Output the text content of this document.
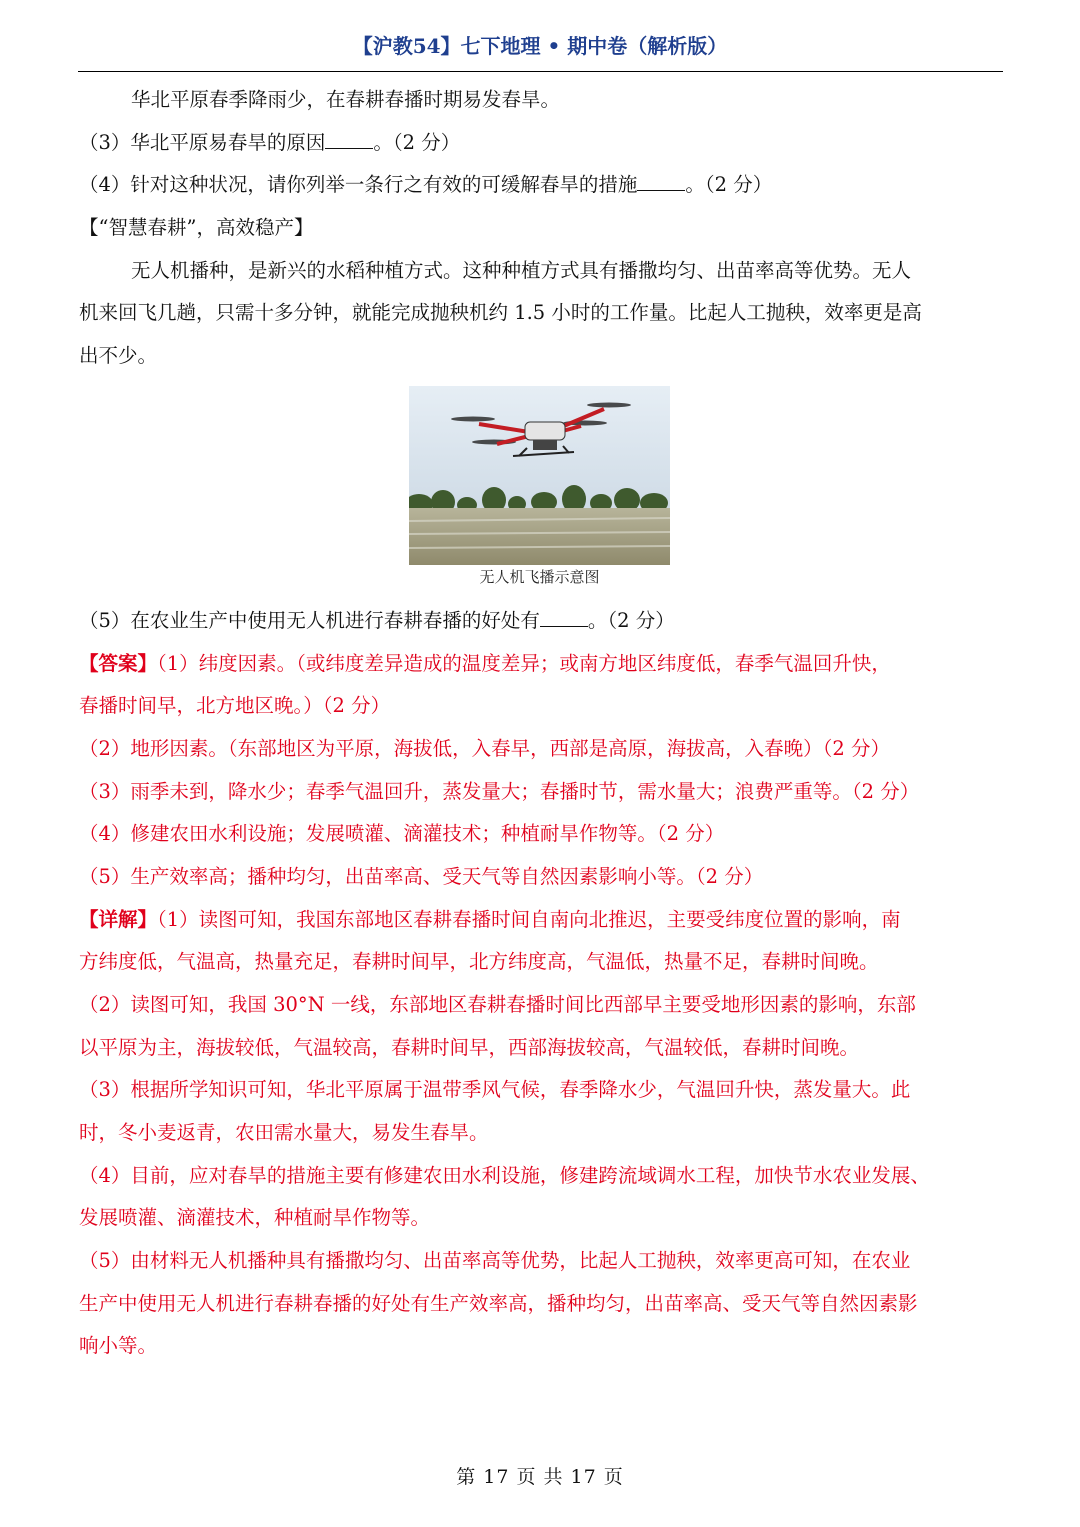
【沪教54】七下地理 • 期中卷（解析版）
华北平原春季降雨少，在春耕春播时期易发春旱。
（3）华北平原易春旱的原因 。（2 分）
（4）针对这种状况，请你列举一条行之有效的可缓解春旱的措施 。（2 分）
【“智慧春耕”，高效稳产】
无人机播种，是新兴的水稻种植方式。这种种植方式具有播撒均匀、出苗率高等优势。无人
机来回飞几趟，只需十多分钟，就能完成抛秧机约 1.5 小时的工作量。比起人工抛秧，效率更是高
出不少。
无人机飞播示意图
（5）在农业生产中使用无人机进行春耕春播的好处有 。（2 分）
【答案】（1）纬度因素。（或纬度差异造成的温度差异；或南方地区纬度低，春季气温回升快，
春播时间早，北方地区晚。）（2 分）
（2）地形因素。（东部地区为平原，海拔低，入春早，西部是高原，海拔高，入春晚）（2 分）
（3）雨季未到，降水少；春季气温回升，蒸发量大；春播时节，需水量大；浪费严重等。（2 分）
（4）修建农田水利设施；发展喷灌、滴灌技术；种植耐旱作物等。（2 分）
（5）生产效率高；播种均匀，出苗率高、受天气等自然因素影响小等。（2 分）
【详解】（1）读图可知，我国东部地区春耕春播时间自南向北推迟，主要受纬度位置的影响，南
方纬度低，气温高，热量充足，春耕时间早，北方纬度高，气温低，热量不足，春耕时间晚。
（2）读图可知，我国 30°N 一线，东部地区春耕春播时间比西部早主要受地形因素的影响，东部
以平原为主，海拔较低，气温较高，春耕时间早，西部海拔较高，气温较低，春耕时间晚。
（3）根据所学知识可知，华北平原属于温带季风气候，春季降水少，气温回升快，蒸发量大。此
时，冬小麦返青，农田需水量大，易发生春旱。
（4）目前，应对春旱的措施主要有修建农田水利设施，修建跨流域调水工程，加快节水农业发展、
发展喷灌、滴灌技术，种植耐旱作物等。
（5）由材料无人机播种具有播撒均匀、出苗率高等优势，比起人工抛秧，效率更高可知，在农业
生产中使用无人机进行春耕春播的好处有生产效率高，播种均匀，出苗率高、受天气等自然因素影
响小等。
第 17 页 共 17 页
